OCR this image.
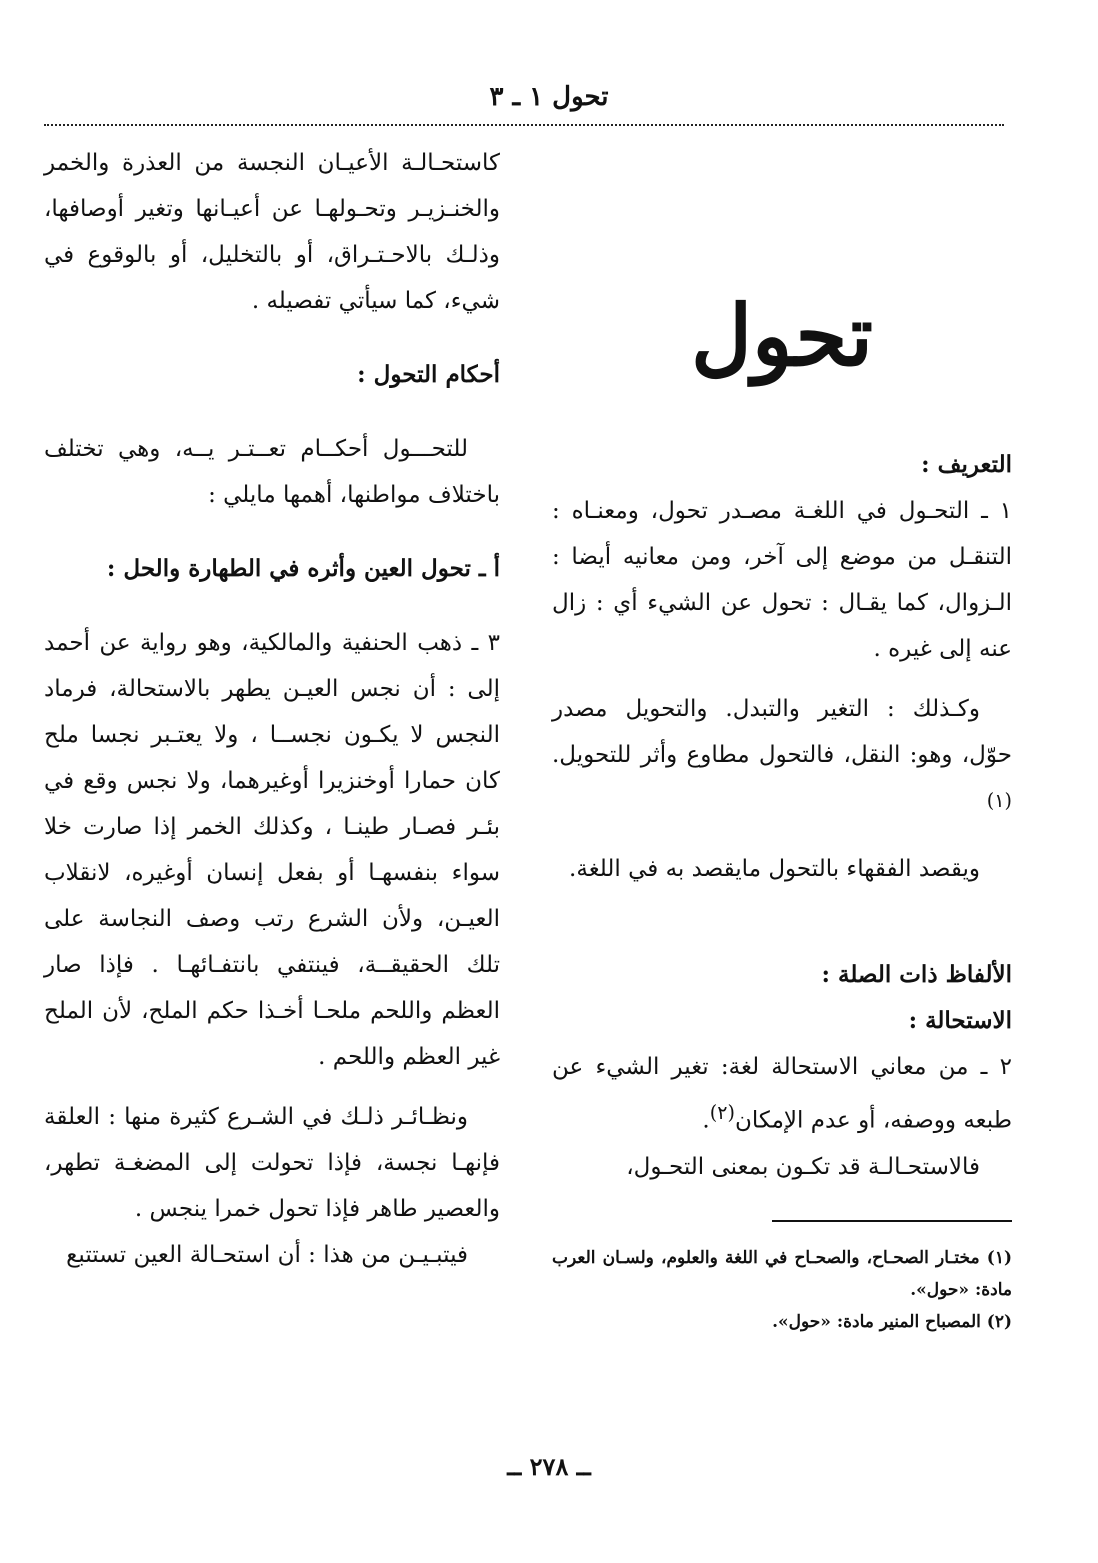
تحول ١ ـ ٣
تحول
التعريف :

١ ـ التحـول في اللغـة مصـدر تحول، ومعنـاه : التنقـل من موضع إلى آخر، ومن معانيه أيضا : الـزوال، كما يقـال : تحول عن الشيء أي : زال عنه إلى غيره .

وكـذلك : التغير والتبدل. والتحويل مصدر حوّل، وهو: النقل، فالتحول مطاوع وأثر للتحويل.$^{(١)}$

ويقصد الفقهاء بالتحول مايقصد به في اللغة.

الألفاظ ذات الصلة :
الاستحالة :

٢ ـ من معاني الاستحالة لغة: تغير الشيء عن طبعه ووصفه، أو عدم الإمكان$^{(٢)}$.

فالاستحـالـة قد تكـون بمعنى التحـول،

(١) مختـار الصحـاح، والصحـاح في اللغة والعلوم، ولسـان العرب مادة: «حول».

(٢) المصباح المنير مادة: «حول».

كاستحـالـة الأعيـان النجسة من العذرة والخمر والخنـزيـر وتحـولهـا عن أعيـانها وتغير أوصافها، وذلـك بالاحـتـراق، أو بالتخليل، أو بالوقوع في شيء، كما سيأتي تفصيله .

أحكام التحول :

للتحـــول أحكــام تعــتـر يــه، وهي تختلف باختلاف مواطنها، أهمها مايلي :

أ ـ تحول العين وأثره في الطهارة والحل :

٣ ـ ذهب الحنفية والمالكية، وهو رواية عن أحمد إلى : أن نجس العيـن يطهر بالاستحالة، فرماد النجس لا يكـون نجســا ، ولا يعتـبر نجسا ملح كان حمارا أوخنزيرا أوغيرهما، ولا نجس وقع في بئـر فصـار طينـا ، وكذلك الخمر إذا صارت خلا سواء بنفسهـا أو بفعل إنسان أوغيره، لانقلاب العيـن، ولأن الشرع رتب وصف النجاسة على تلك الحقيقــة، فينتفي بانتفـائهـا . فإذا صار العظم واللحم ملحـا أخـذا حكم الملح، لأن الملح غير العظم واللحم .

ونظـائـر ذلـك في الشـرع كثيرة منها : العلقة فإنهـا نجسة، فإذا تحولت إلى المضغـة تطهر، والعصير طاهر فإذا تحول خمرا ينجس .

فيتبـيـن من هذا : أن استحـالة العين تستتبع

ــ ٢٧٨ ــ
